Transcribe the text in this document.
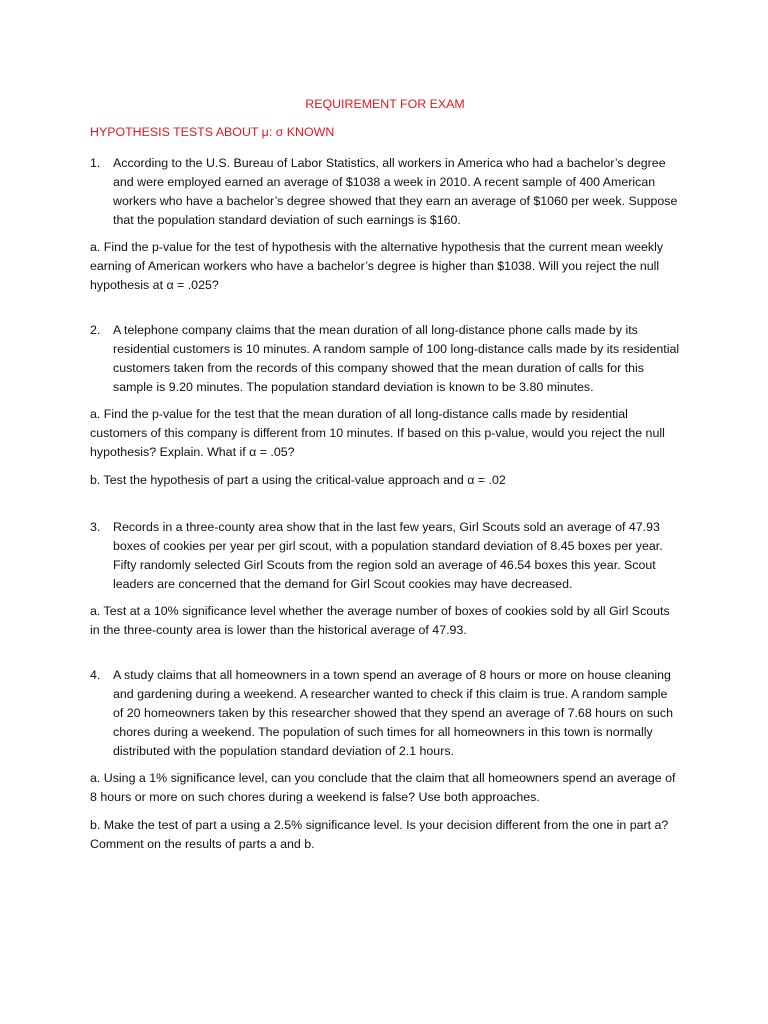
REQUIREMENT FOR EXAM
HYPOTHESIS TESTS ABOUT μ: σ KNOWN
1.	According to the U.S. Bureau of Labor Statistics, all workers in America who had a bachelor’s degree and were employed earned an average of $1038 a week in 2010. A recent sample of 400 American workers who have a bachelor’s degree showed that they earn an average of $1060 per week. Suppose that the population standard deviation of such earnings is $160.
a. Find the p-value for the test of hypothesis with the alternative hypothesis that the current mean weekly earning of American workers who have a bachelor’s degree is higher than $1038. Will you reject the null hypothesis at α = .025?
2.	A telephone company claims that the mean duration of all long-distance phone calls made by its residential customers is 10 minutes. A random sample of 100 long-distance calls made by its residential customers taken from the records of this company showed that the mean duration of calls for this sample is 9.20 minutes. The population standard deviation is known to be 3.80 minutes.
a. Find the p-value for the test that the mean duration of all long-distance calls made by residential customers of this company is different from 10 minutes. If based on this p-value, would you reject the null hypothesis? Explain. What if α = .05?
b. Test the hypothesis of part a using the critical-value approach and α = .02
3.	Records in a three-county area show that in the last few years, Girl Scouts sold an average of 47.93 boxes of cookies per year per girl scout, with a population standard deviation of 8.45 boxes per year. Fifty randomly selected Girl Scouts from the region sold an average of 46.54 boxes this year. Scout leaders are concerned that the demand for Girl Scout cookies may have decreased.
a. Test at a 10% significance level whether the average number of boxes of cookies sold by all Girl Scouts in the three-county area is lower than the historical average of 47.93.
4.	A study claims that all homeowners in a town spend an average of 8 hours or more on house cleaning and gardening during a weekend. A researcher wanted to check if this claim is true. A random sample of 20 homeowners taken by this researcher showed that they spend an average of 7.68 hours on such chores during a weekend. The population of such times for all homeowners in this town is normally distributed with the population standard deviation of 2.1 hours.
a. Using a 1% significance level, can you conclude that the claim that all homeowners spend an average of 8 hours or more on such chores during a weekend is false? Use both approaches.
b. Make the test of part a using a 2.5% significance level. Is your decision different from the one in part a? Comment on the results of parts a and b.
